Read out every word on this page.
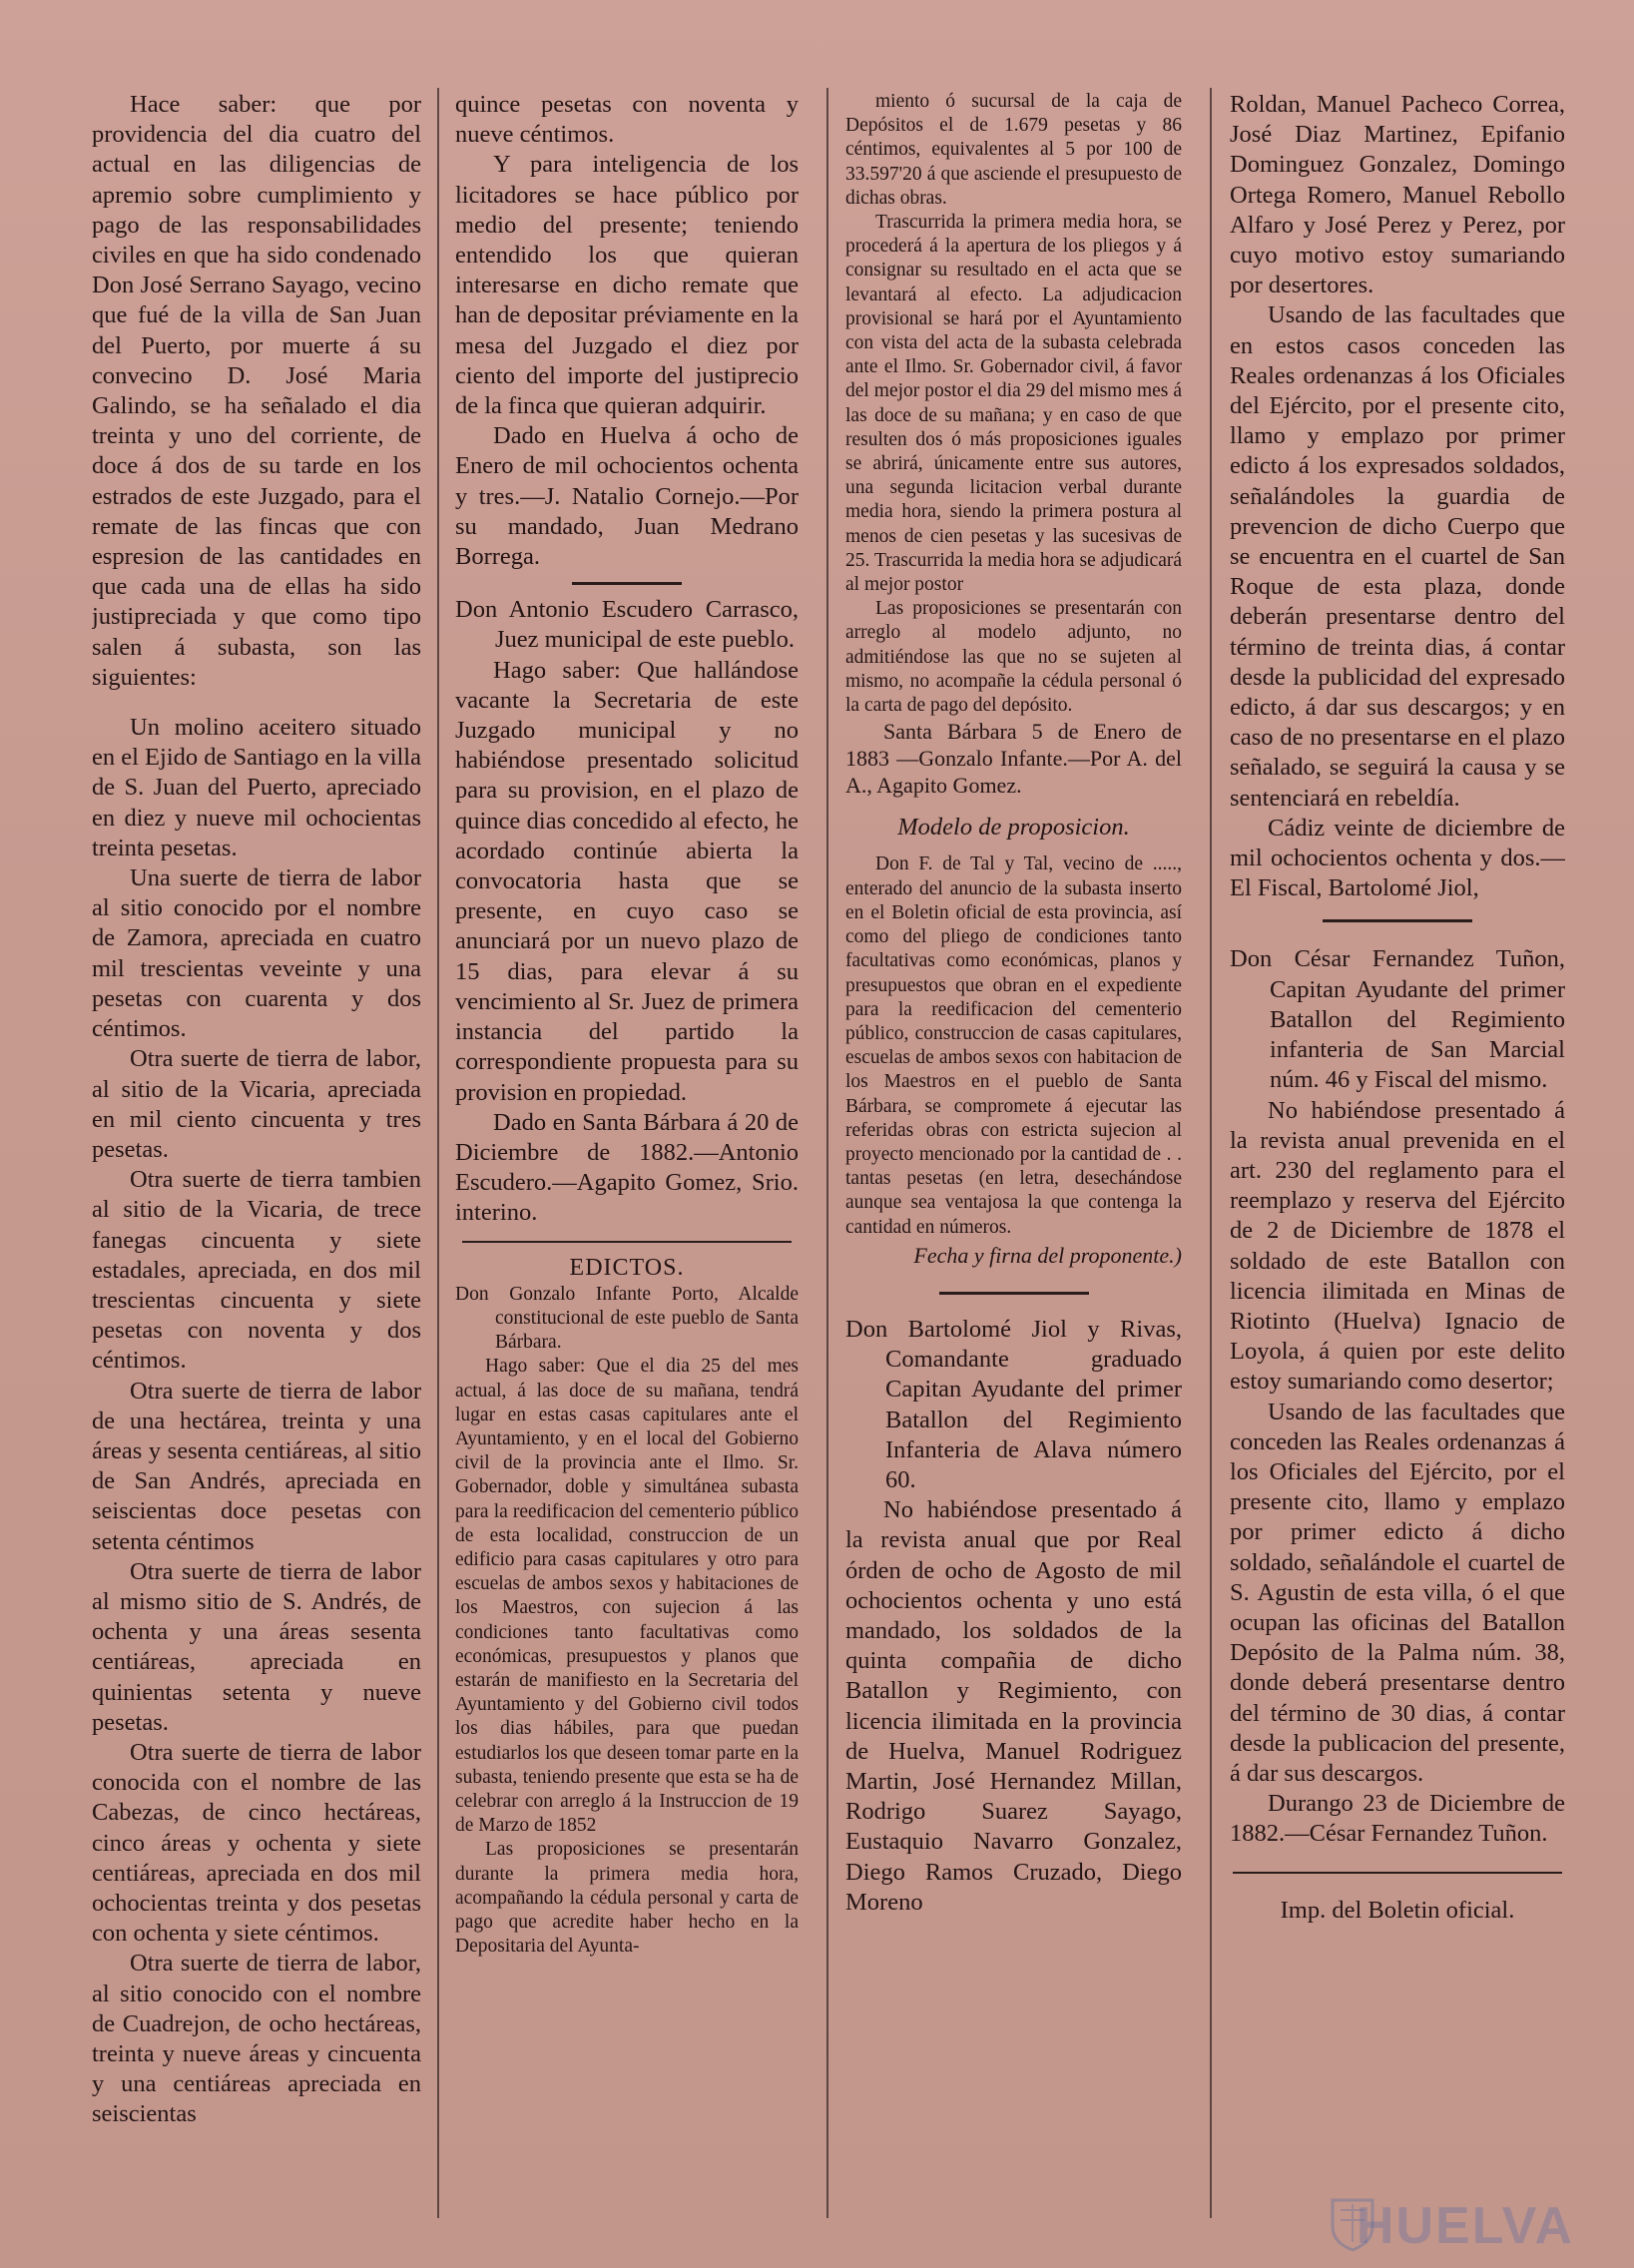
Hace saber: que por providencia del dia cuatro del actual en las diligencias de apremio sobre cumplimiento y pago de las responsabilidades civiles en que ha sido condenado Don José Serrano Sayago, vecino que fué de la villa de San Juan del Puerto, por muerte á su convecino D. José Maria Galindo, se ha señalado el dia treinta y uno del corriente, de doce á dos de su tarde en los estrados de este Juzgado, para el remate de las fincas que con espresion de las cantidades en que cada una de ellas ha sido justipreciada y que como tipo salen á subasta, son las siguientes:

Un molino aceitero situado en el Ejido de Santiago en la villa de S. Juan del Puerto, apreciado en diez y nueve mil ochocientas treinta pesetas.

Una suerte de tierra de labor al sitio conocido por el nombre de Zamora, apreciada en cuatro mil trescientas veveinte y una pesetas con cuarenta y dos céntimos.

Otra suerte de tierra de labor, al sitio de la Vicaria, apreciada en mil ciento cincuenta y tres pesetas.

Otra suerte de tierra tambien al sitio de la Vicaria, de trece fanegas cincuenta y siete estadales, apreciada, en dos mil trescientas cincuenta y siete pesetas con noventa y dos céntimos.

Otra suerte de tierra de labor de una hectárea, treinta y una áreas y sesenta centiáreas, al sitio de San Andrés, apreciada en seiscientas doce pesetas con setenta céntimos

Otra suerte de tierra de labor al mismo sitio de S. Andrés, de ochenta y una áreas sesenta centiáreas, apreciada en quinientas setenta y nueve pesetas.

Otra suerte de tierra de labor conocida con el nombre de las Cabezas, de cinco hectáreas, cinco áreas y ochenta y siete centiáreas, apreciada en dos mil ochocientas treinta y dos pesetas con ochenta y siete céntimos.

Otra suerte de tierra de labor, al sitio conocido con el nombre de Cuadrejon, de ocho hectáreas, treinta y nueve áreas y cincuenta y una centiáreas apreciada en seiscientas

quince pesetas con noventa y nueve céntimos.

Y para inteligencia de los licitadores se hace público por medio del presente; teniendo entendido los que quieran interesarse en dicho remate que han de depositar préviamente en la mesa del Juzgado el diez por ciento del importe del justiprecio de la finca que quieran adquirir.

Dado en Huelva á ocho de Enero de mil ochocientos ochenta y tres.—J. Natalio Cornejo.—Por su mandado, Juan Medrano Borrega.

Don Antonio Escudero Carrasco, Juez municipal de este pueblo.

Hago saber: Que hallándose vacante la Secretaria de este Juzgado municipal y no habiéndose presentado solicitud para su provision, en el plazo de quince dias concedido al efecto, he acordado continúe abierta la convocatoria hasta que se presente, en cuyo caso se anunciará por un nuevo plazo de 15 dias, para elevar á su vencimiento al Sr. Juez de primera instancia del partido la correspondiente propuesta para su provision en propiedad.

Dado en Santa Bárbara á 20 de Diciembre de 1882.—Antonio Escudero.—Agapito Gomez, Srio. interino.

EDICTOS.

Don Gonzalo Infante Porto, Alcalde constitucional de este pueblo de Santa Bárbara.

Hago saber: Que el dia 25 del mes actual, á las doce de su mañana, tendrá lugar en estas casas capitulares ante el Ayuntamiento, y en el local del Gobierno civil de la provincia ante el Ilmo. Sr. Gobernador, doble y simultánea subasta para la reedificacion del cementerio público de esta localidad, construccion de un edificio para casas capitulares y otro para escuelas de ambos sexos y habitaciones de los Maestros, con sujecion á las condiciones tanto facultativas como económicas, presupuestos y planos que estarán de manifiesto en la Secretaria del Ayuntamiento y del Gobierno civil todos los dias hábiles, para que puedan estudiarlos los que deseen tomar parte en la subasta, teniendo presente que esta se ha de celebrar con arreglo á la Instruccion de 19 de Marzo de 1852

Las proposiciones se presentarán durante la primera media hora, acompañando la cédula personal y carta de pago que acredite haber hecho en la Depositaria del Ayunta-

miento ó sucursal de la caja de Depósitos el de 1.679 pesetas y 86 céntimos, equivalentes al 5 por 100 de 33.597'20 á que asciende el presupuesto de dichas obras.

Trascurrida la primera media hora, se procederá á la apertura de los pliegos y á consignar su resultado en el acta que se levantará al efecto. La adjudicacion provisional se hará por el Ayuntamiento con vista del acta de la subasta celebrada ante el Ilmo. Sr. Gobernador civil, á favor del mejor postor el dia 29 del mismo mes á las doce de su mañana; y en caso de que resulten dos ó más proposiciones iguales se abrirá, únicamente entre sus autores, una segunda licitacion verbal durante media hora, siendo la primera postura al menos de cien pesetas y las sucesivas de 25. Trascurrida la media hora se adjudicará al mejor postor

Las proposiciones se presentarán con arreglo al modelo adjunto, no admitiéndose las que no se sujeten al mismo, no acompañe la cédula personal ó la carta de pago del depósito.

Santa Bárbara 5 de Enero de 1883 —Gonzalo Infante.—Por A. del A., Agapito Gomez.

Modelo de proposicion.

Don F. de Tal y Tal, vecino de ....., enterado del anuncio de la subasta inserto en el Boletin oficial de esta provincia, así como del pliego de condiciones tanto facultativas como económicas, planos y presupuestos que obran en el expediente para la reedificacion del cementerio público, construccion de casas capitulares, escuelas de ambos sexos con habitacion de los Maestros en el pueblo de Santa Bárbara, se compromete á ejecutar las referidas obras con estricta sujecion al proyecto mencionado por la cantidad de . . tantas pesetas (en letra, desechándose aunque sea ventajosa la que contenga la cantidad en números.

Fecha y firna del proponente.)

Don Bartolomé Jiol y Rivas, Comandante graduado Capitan Ayudante del primer Batallon del Regimiento Infanteria de Alava número 60.

No habiéndose presentado á la revista anual que por Real órden de ocho de Agosto de mil ochocientos ochenta y uno está mandado, los soldados de la quinta compañia de dicho Batallon y Regimiento, con licencia ilimitada en la provincia de Huelva, Manuel Rodriguez Martin, José Hernandez Millan, Rodrigo Suarez Sayago, Eustaquio Navarro Gonzalez, Diego Ramos Cruzado, Diego Moreno

Roldan, Manuel Pacheco Correa, José Diaz Martinez, Epifanio Dominguez Gonzalez, Domingo Ortega Romero, Manuel Rebollo Alfaro y José Perez y Perez, por cuyo motivo estoy sumariando por desertores.

Usando de las facultades que en estos casos conceden las Reales ordenanzas á los Oficiales del Ejército, por el presente cito, llamo y emplazo por primer edicto á los expresados soldados, señalándoles la guardia de prevencion de dicho Cuerpo que se encuentra en el cuartel de San Roque de esta plaza, donde deberán presentarse dentro del término de treinta dias, á contar desde la publicidad del expresado edicto, á dar sus descargos; y en caso de no presentarse en el plazo señalado, se seguirá la causa y se sentenciará en rebeldía.

Cádiz veinte de diciembre de mil ochocientos ochenta y dos.—El Fiscal, Bartolomé Jiol,

Don César Fernandez Tuñon, Capitan Ayudante del primer Batallon del Regimiento infanteria de San Marcial núm. 46 y Fiscal del mismo.

No habiéndose presentado á la revista anual prevenida en el art. 230 del reglamento para el reemplazo y reserva del Ejército de 2 de Diciembre de 1878 el soldado de este Batallon con licencia ilimitada en Minas de Riotinto (Huelva) Ignacio de Loyola, á quien por este delito estoy sumariando como desertor;

Usando de las facultades que conceden las Reales ordenanzas á los Oficiales del Ejército, por el presente cito, llamo y emplazo por primer edicto á dicho soldado, señalándole el cuartel de S. Agustin de esta villa, ó el que ocupan las oficinas del Batallon Depósito de la Palma núm. 38, donde deberá presentarse dentro del término de 30 dias, á contar desde la publicacion del presente, á dar sus descargos.

Durango 23 de Diciembre de 1882.—César Fernandez Tuñon.

Imp. del Boletin oficial.

HUELVA
